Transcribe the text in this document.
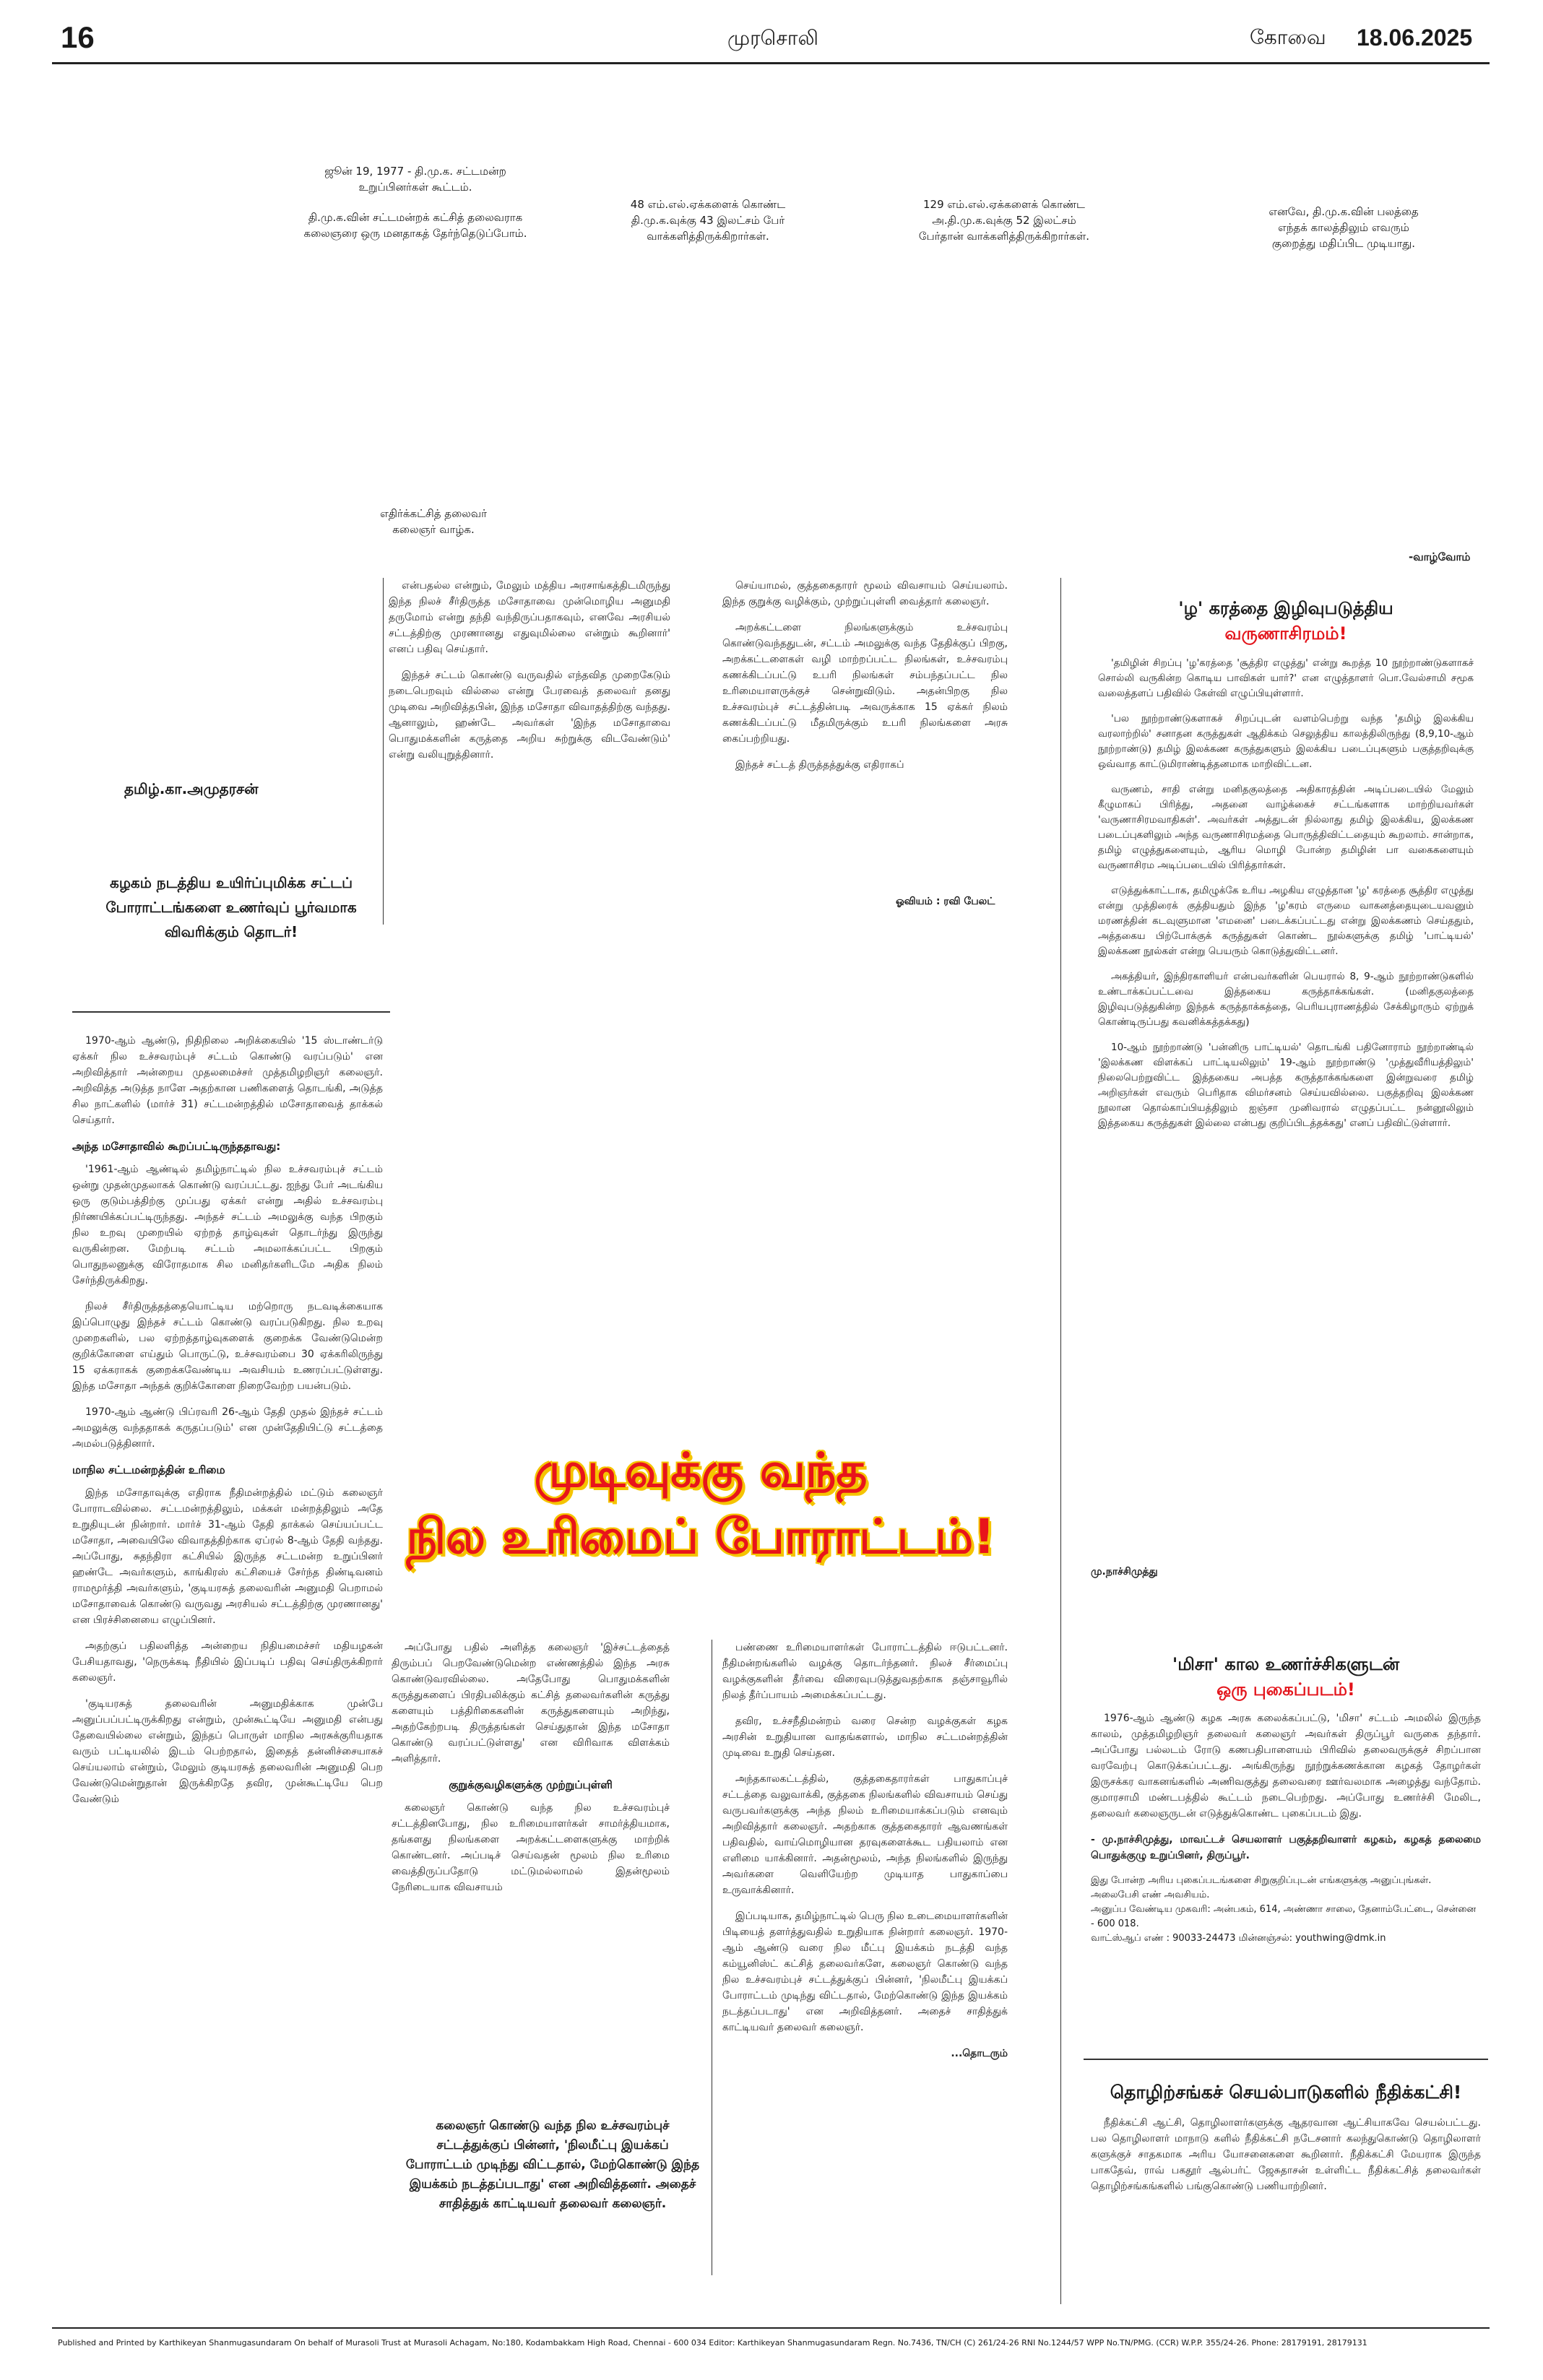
16	முரசொலி	கோவை 18.06.2025
ஜூன் 19, 1977 - தி.மு.க. சட்டமன்ற உறுப்பினர்கள் கூட்டம்.
தி.மு.க.வின் சட்டமன்றக் கட்சித் தலைவராக கலைஞரை ஒரு மனதாகத் தேர்ந்தெடுப்போம்.
48 எம்.எல்.ஏக்களைக் கொண்ட தி.மு.க.வுக்கு 43 இலட்சம் பேர் வாக்களித்திருக்கிறார்கள்.
129 எம்.எல்.ஏக்களைக் கொண்ட அ.தி.மு.க.வுக்கு 52 இலட்சம் பேர்தான் வாக்களித்திருக்கிறார்கள்.
எனவே, தி.மு.க.வின் பலத்தை எந்தக் காலத்திலும் எவரும் குறைத்து மதிப்பிட முடியாது.
எதிர்க்கட்சித் தலைவர் கலைஞர் வாழ்க.
-வாழ்வோம்
தமிழ்.கா.அமுதரசன்
கழகம் நடத்திய உயிர்ப்புமிக்க சட்டப் போராட்டங்களை உணர்வுப் பூர்வமாக விவரிக்கும் தொடர்!

1970-ஆம் ஆண்டு, நிதிநிலை அறிக்கையில் '15 ஸ்டாண்டர்டு ஏக்கர் நில உச்சவரம்புச் சட்டம் கொண்டு வரப்படும்' என அறிவித்தார் அன்றைய முதலமைச்சர் முத்தமிழறிஞர் கலைஞர். அறிவித்த அடுத்த நாளே அதற்கான பணிகளைத் தொடங்கி, அடுத்த சில நாட்களில் (மார்ச் 31) சட்டமன்றத்தில் மசோதாவைத் தாக்கல் செய்தார்.

அந்த மசோதாவில் கூறப்பட்டிருந்ததாவது:

'1961-ஆம் ஆண்டில் தமிழ்நாட்டில் நில உச்சவரம்புச் சட்டம் ஒன்று முதன்முதலாகக் கொண்டு வரப்பட்டது. ஐந்து பேர் அடங்கிய ஒரு குடும்பத்திற்கு முப்பது ஏக்கர் என்று அதில் உச்சவரம்பு நிர்ணயிக்கப்பட்டிருந்தது. அந்தச் சட்டம் அமலுக்கு வந்த பிறகும் நில உறவு முறையில் ஏற்றத் தாழ்வுகள் தொடர்ந்து இருந்து வருகின்றன. மேற்படி சட்டம் அமலாக்கப்பட்ட பிறகும் பொதுநலனுக்கு விரோதமாக சில மனிதர்களிடமே அதிக நிலம் சேர்ந்திருக்கிறது.

நிலச் சீர்திருத்தத்தையொட்டிய மற்றொரு நடவடிக்கையாக இப்பொழுது இந்தச் சட்டம் கொண்டு வரப்படுகிறது. நில உறவு முறைகளில், பல ஏற்றத்தாழ்வுகளைக் குறைக்க வேண்டுமென்ற குறிக்கோளை எய்தும் பொருட்டு, உச்சவரம்பை 30 ஏக்கரிலிருந்து 15 ஏக்கராகக் குறைக்கவேண்டிய அவசியம் உணரப்பட்டுள்ளது. இந்த மசோதா அந்தக் குறிக்கோளை நிறைவேற்ற பயன்படும்.

1970-ஆம் ஆண்டு பிப்ரவரி 26-ஆம் தேதி முதல் இந்தச் சட்டம் அமலுக்கு வந்ததாகக் கருதப்படும்' என முன்தேதியிட்டு சட்டத்தை அமல்படுத்தினார்.

மாநில சட்டமன்றத்தின் உரிமை

இந்த மசோதாவுக்கு எதிராக நீதிமன்றத்தில் மட்டும் கலைஞர் போராடவில்லை. சட்டமன்றத்திலும், மக்கள் மன்றத்திலும் அதே உறுதியுடன் நின்றார். மார்ச் 31-ஆம் தேதி தாக்கல் செய்யப்பட்ட மசோதா, அவையிலே விவாதத்திற்காக ஏப்ரல் 8-ஆம் தேதி வந்தது. அப்போது, சுதந்திரா கட்சியில் இருந்த சட்டமன்ற உறுப்பினர் ஹண்டே அவர்களும், காங்கிரஸ் கட்சியைச் சேர்ந்த திண்டிவனம் ராமமூர்த்தி அவர்களும், 'குடியரசுத் தலைவரின் அனுமதி பெறாமல் மசோதாவைக் கொண்டு வருவது அரசியல் சட்டத்திற்கு முரணானது' என பிரச்சினையை எழுப்பினர்.

அதற்குப் பதிலளித்த அன்றைய நிதியமைச்சர் மதியழகன் பேசியதாவது, 'நெருக்கடி நீதியில் இப்படிப் பதிவு செய்திருக்கிறார் கலைஞர்.

'குடியரசுத் தலைவரின் அனுமதிக்காக முன்பே அனுப்பப்பட்டிருக்கிறது என்றும், முன்கூட்டியே அனுமதி என்பது தேவையில்லை என்றும், இந்தப் பொருள் மாநில அரசுக்குரியதாக வரும் பட்டியலில் இடம் பெற்றதால், இதைத் தன்னிச்சையாகச் செய்யலாம் என்றும், மேலும் குடியரசுத் தலைவரின் அனுமதி பெற வேண்டுமென்றுதான் இருக்கிறதே தவிர, முன்கூட்டியே பெற வேண்டும்

என்பதல்ல என்றும், மேலும் மத்திய அரசாங்கத்திடமிருந்து இந்த நிலச் சீர்திருத்த மசோதாவை முன்மொழிய அனுமதி தருமோம் என்று தந்தி வந்திருப்பதாகவும், எனவே அரசியல் சட்டத்திற்கு முரணானது எதுவுமில்லை என்றும் கூறினார்' எனப் பதிவு செய்தார்.

இந்தச் சட்டம் கொண்டு வருவதில் எந்தவித முறைகேடும் நடைபெறவும் வில்லை என்று பேரவைத் தலைவர் தனது முடிவை அறிவித்தபின், இந்த மசோதா விவாதத்திற்கு வந்தது. ஆனாலும், ஹண்டே அவர்கள் 'இந்த மசோதாவை பொதுமக்களின் கருத்தை அறிய சுற்றுக்கு விடவேண்டும்' என்று வலியுறுத்தினார்.

செய்யாமல், குத்தகைதாரர் மூலம் விவசாயம் செய்யலாம். இந்த குறுக்கு வழிக்கும், முற்றுப்புள்ளி வைத்தார் கலைஞர்.

அறக்கட்டளை நிலங்களுக்கும் உச்சவரம்பு கொண்டுவந்ததுடன், சட்டம் அமலுக்கு வந்த தேதிக்குப் பிறகு, அறக்கட்டளைகள் வழி மாற்றப்பட்ட நிலங்கள், உச்சவரம்பு கணக்கிடப்பட்டு உபரி நிலங்கள் சம்பந்தப்பட்ட நில உரிமையாளருக்குச் சென்றுவிடும். அதன்பிறகு நில உச்சவரம்புச் சட்டத்தின்படி அவருக்காக 15 ஏக்கர் நிலம் கணக்கிடப்பட்டு மீதமிருக்கும் உபரி நிலங்களை அரசு கைப்பற்றியது.

இந்தச் சட்டத் திருத்தத்துக்கு எதிராகப்

ஓவியம் : ரவி பேலட்
முடிவுக்கு வந்த
நில உரிமைப் போராட்டம்!

அப்போது பதில் அளித்த கலைஞர் 'இச்சட்டத்தைத் திரும்பப் பெறவேண்டுமென்ற எண்ணத்தில் இந்த அரசு கொண்டுவரவில்லை. அதேபோது பொதுமக்களின் கருத்துகளைப் பிரதிபலிக்கும் கட்சித் தலைவர்களின் கருத்து களையும் பத்திரிகைகளின் கருத்துகளையும் அறிந்து, அதற்கேற்றபடி திருத்தங்கள் செய்துதான் இந்த மசோதா கொண்டு வரப்பட்டுள்ளது' என விரிவாக விளக்கம் அளித்தார்.

குறுக்குவழிகளுக்கு முற்றுப்புள்ளி

கலைஞர் கொண்டு வந்த நில உச்சவரம்புச் சட்டத்தினபோது, நில உரிமையாளர்கள் சாமர்த்தியமாக, தங்களது நிலங்களை அறக்கட்டளைகளுக்கு மாற்றிக் கொண்டனர். அப்படிச் செய்வதன் மூலம் நில உரிமை வைத்திருப்பதோடு மட்டுமல்லாமல் இதன்மூலம் நேரிடையாக விவசாயம்

பண்ணை உரிமையாளர்கள் போராட்டத்தில் ஈடுபட்டனர். நீதிமன்றங்களில் வழக்கு தொடர்ந்தனர். நிலச் சீர்மைப்பு வழக்குகளின் தீர்வை விரைவுபடுத்துவதற்காக தஞ்சாவூரில் நிலத் தீர்ப்பாயம் அமைக்கப்பட்டது.

தவிர, உச்சநீதிமன்றம் வரை சென்ற வழக்குகள் கழக அரசின் உறுதியான வாதங்களால், மாநில சட்டமன்றத்தின் முடிவை உறுதி செய்தன.

அந்தகாலகட்டத்தில், குத்தகைதாரர்கள் பாதுகாப்புச் சட்டத்தை வலுவாக்கி, குத்தகை நிலங்களில் விவசாயம் செய்து வருபவர்களுக்கு அந்த நிலம் உரிமையாக்கப்படும் எனவும் அறிவித்தார் கலைஞர். அதற்காக குத்தகைதாரர் ஆவணங்கள் பதிவதில், வாய்மொழியான தரவுகளைக்கூட பதியலாம் என எளிமை யாக்கினார். அதன்மூலம், அந்த நிலங்களில் இருந்து அவர்களை வெளியேற்ற முடியாத பாதுகாப்பை உருவாக்கினார்.

இப்படியாக, தமிழ்நாட்டில் பெரு நில உடைமையாளர்களின் பிடியைத் தளர்த்துவதில் உறுதியாக நின்றார் கலைஞர். 1970-ஆம் ஆண்டு வரை நில மீட்பு இயக்கம் நடத்தி வந்த கம்யூனிஸ்ட் கட்சித் தலைவர்களே, கலைஞர் கொண்டு வந்த நில உச்சவரம்புச் சட்டத்துக்குப் பின்னர், 'நிலமீட்பு இயக்கப் போராட்டம் முடிந்து விட்டதால், மேற்கொண்டு இந்த இயக்கம் நடத்தப்படாது' என அறிவித்தனர். அதைச் சாதித்துக் காட்டியவர் தலைவர் கலைஞர்.

...தொடரும்
கலைஞர் கொண்டு வந்த நில உச்சவரம்புச் சட்டத்துக்குப் பின்னர், 'நிலமீட்பு இயக்கப் போராட்டம் முடிந்து விட்டதால், மேற்கொண்டு இந்த இயக்கம் நடத்தப்படாது' என அறிவித்தனர். அதைச் சாதித்துக் காட்டியவர் தலைவர் கலைஞர்.
'ழ' கரத்தை இழிவுபடுத்திய
வருணாசிரமம்!

'தமிழின் சிறப்பு 'ழ'கரத்தை 'சூத்திர எழுத்து' என்று கூறத்த 10 நூற்றாண்டுகளாகச் சொல்லி வருகின்ற கொடிய பாவிகள் யார்?' என எழுத்தாளர் பொ.வேல்சாமி சமூக வலைத்தளப் பதிவில் கேள்வி எழுப்பியுள்ளார்.

'பல நூற்றாண்டுகளாகச் சிறப்புடன் வளம்பெற்று வந்த 'தமிழ் இலக்கிய வரலாற்றில்' சனாதன கருத்துகள் ஆதிக்கம் செலுத்திய காலத்திலிருந்து (8,9,10-ஆம் நூற்றாண்டு) தமிழ் இலக்கண கருத்துகளும் இலக்கிய படைப்புகளும் பகுத்தறிவுக்கு ஒவ்வாத காட்டுமிராண்டித்தனமாக மாறிவிட்டன.

வருணம், சாதி என்று மனிதகுலத்தை அதிகாரத்தின் அடிப்படையில் மேலும் கீழுமாகப் பிரித்து, அதனை வாழ்க்கைச் சட்டங்களாக மாற்றியவர்கள் 'வருணாசிரமவாதிகள்'. அவர்கள் அத்துடன் நில்லாது தமிழ் இலக்கிய, இலக்கண படைப்புகளிலும் அந்த வருணாசிரமத்தை பொருத்திவிட்டதையும் கூறலாம். சான்றாக, தமிழ் எழுத்துகளையும், ஆரிய மொழி போன்ற தமிழின் பா வகைகளையும் வருணாசிரம அடிப்படையில் பிரித்தார்கள்.

எடுத்துக்காட்டாக, தமிழுக்கே உரிய அழகிய எழுத்தான 'ழ' கரத்தை சூத்திர எழுத்து என்று முத்திரைக் குத்தியதும் இந்த 'ழ'கரம் எருமை வாகனத்தையுடையவனும் மரணத்தின் கடவுளுமான 'எமனை' படைக்கப்பட்டது என்று இலக்கணம் செய்ததும், அத்தகைய பிற்போக்குக் கருத்துகள் கொண்ட நூல்களுக்கு தமிழ் 'பாட்டியல்' இலக்கண நூல்கள் என்று பெயரும் கொடுத்துவிட்டனர்.

அகத்தியர், இந்திரகாளியர் என்பவர்களின் பெயரால் 8, 9-ஆம் நூற்றாண்டுகளில் உண்டாக்கப்பட்டவை இத்தகைய கருத்தாக்கங்கள். (மனிதகுலத்தை இழிவுபடுத்துகின்ற இந்தக் கருத்தாக்கத்தை, பெரியபுராணத்தில் சேக்கிழாரும் ஏற்றுக் கொண்டிருப்பது கவனிக்கத்தக்கது)

10-ஆம் நூற்றாண்டு 'பன்னிரு பாட்டியல்' தொடங்கி பதினோராம் நூற்றாண்டில் 'இலக்கண விளக்கப் பாட்டியலிலும்' 19-ஆம் நூற்றாண்டு 'முத்துவீரியத்திலும்' நிலைபெற்றுவிட்ட இத்தகைய அபத்த கருத்தாக்கங்களை இன்றுவரை தமிழ் அறிஞர்கள் எவரும் பெரிதாக விமர்சனம் செய்யவில்லை. பகுத்தறிவு இலக்கண நூலான தொல்காப்பியத்திலும் ஐஞ்சா முனிவரால் எழுதப்பட்ட நன்னூலிலும் இத்தகைய கருத்துகள் இல்லை என்பது குறிப்பிடத்தக்கது' எனப் பதிவிட்டுள்ளார்.

மு.நாச்சிமுத்து
'மிசா' கால உணர்ச்சிகளுடன்
ஒரு புகைப்படம்!

1976-ஆம் ஆண்டு கழக அரசு கலைக்கப்பட்டு, 'மிசா' சட்டம் அமலில் இருந்த காலம், முத்தமிழறிஞர் தலைவர் கலைஞர் அவர்கள் திருப்பூர் வருகை தந்தார். அப்போது பல்லடம் ரோடு கணபதிபாளையம் பிரிவில் தலைவருக்குச் சிறப்பான வரவேற்பு கொடுக்கப்பட்டது. அங்கிருந்து நூற்றுக்கணக்கான கழகத் தோழர்கள் இருசக்கர வாகனங்களில் அணிவகுத்து தலைவரை ஊர்வலமாக அழைத்து வந்தோம். குமாரசாமி மண்டபத்தில் கூட்டம் நடைபெற்றது. அப்போது உணர்ச்சி மேலிட, தலைவர் கலைஞருடன் எடுத்துக்கொண்ட புகைப்படம் இது.

- மு.நாச்சிமுத்து, மாவட்டச் செயலாளர் பகுத்தறிவாளர் கழகம், கழகத் தலைமை பொதுக்குழு உறுப்பினர், திருப்பூர்.

இது போன்ற அரிய புகைப்படங்களை சிறுகுறிப்புடன் எங்களுக்கு அனுப்புங்கள். அலைபேசி எண் அவசியம்.
அனுப்ப வேண்டிய முகவரி: அன்பகம், 614, அண்ணா சாலை, தேனாம்பேட்டை, சென்னை - 600 018.
வாட்ஸ்ஆப் எண் : 90033-24473 மின்னஞ்சல்: youthwing@dmk.in
தொழிற்சங்கச் செயல்பாடுகளில் நீதிக்கட்சி!

நீதிக்கட்சி ஆட்சி, தொழிலாளர்களுக்கு ஆதரவான ஆட்சியாகவே செயல்பட்டது. பல தொழிலாளர் மாநாடு களில் நீதிக்கட்சி நடேசனார் கலந்துகொண்டு தொழிலாளர் களுக்குச் சாதகமாக அரிய யோசனைகளை கூறினார். நீதிக்கட்சி மேயராக இருந்த பாகதேவ், ராவ் பகதூர் ஆல்பர்ட் ஜேசுதாசன் உள்ளிட்ட நீதிக்கட்சித் தலைவர்கள் தொழிற்சங்கங்களில் பங்குகொண்டு பணியாற்றினர்.

Published and Printed by Karthikeyan Shanmugasundaram On behalf of Murasoli Trust at Murasoli Achagam, No:180, Kodambakkam High Road, Chennai - 600 034 Editor: Karthikeyan Shanmugasundaram Regn. No.7436, TN/CH (C) 261/24-26 RNI No.1244/57 WPP No.TN/PMG. (CCR) W.P.P. 355/24-26. Phone: 28179191, 28179131
